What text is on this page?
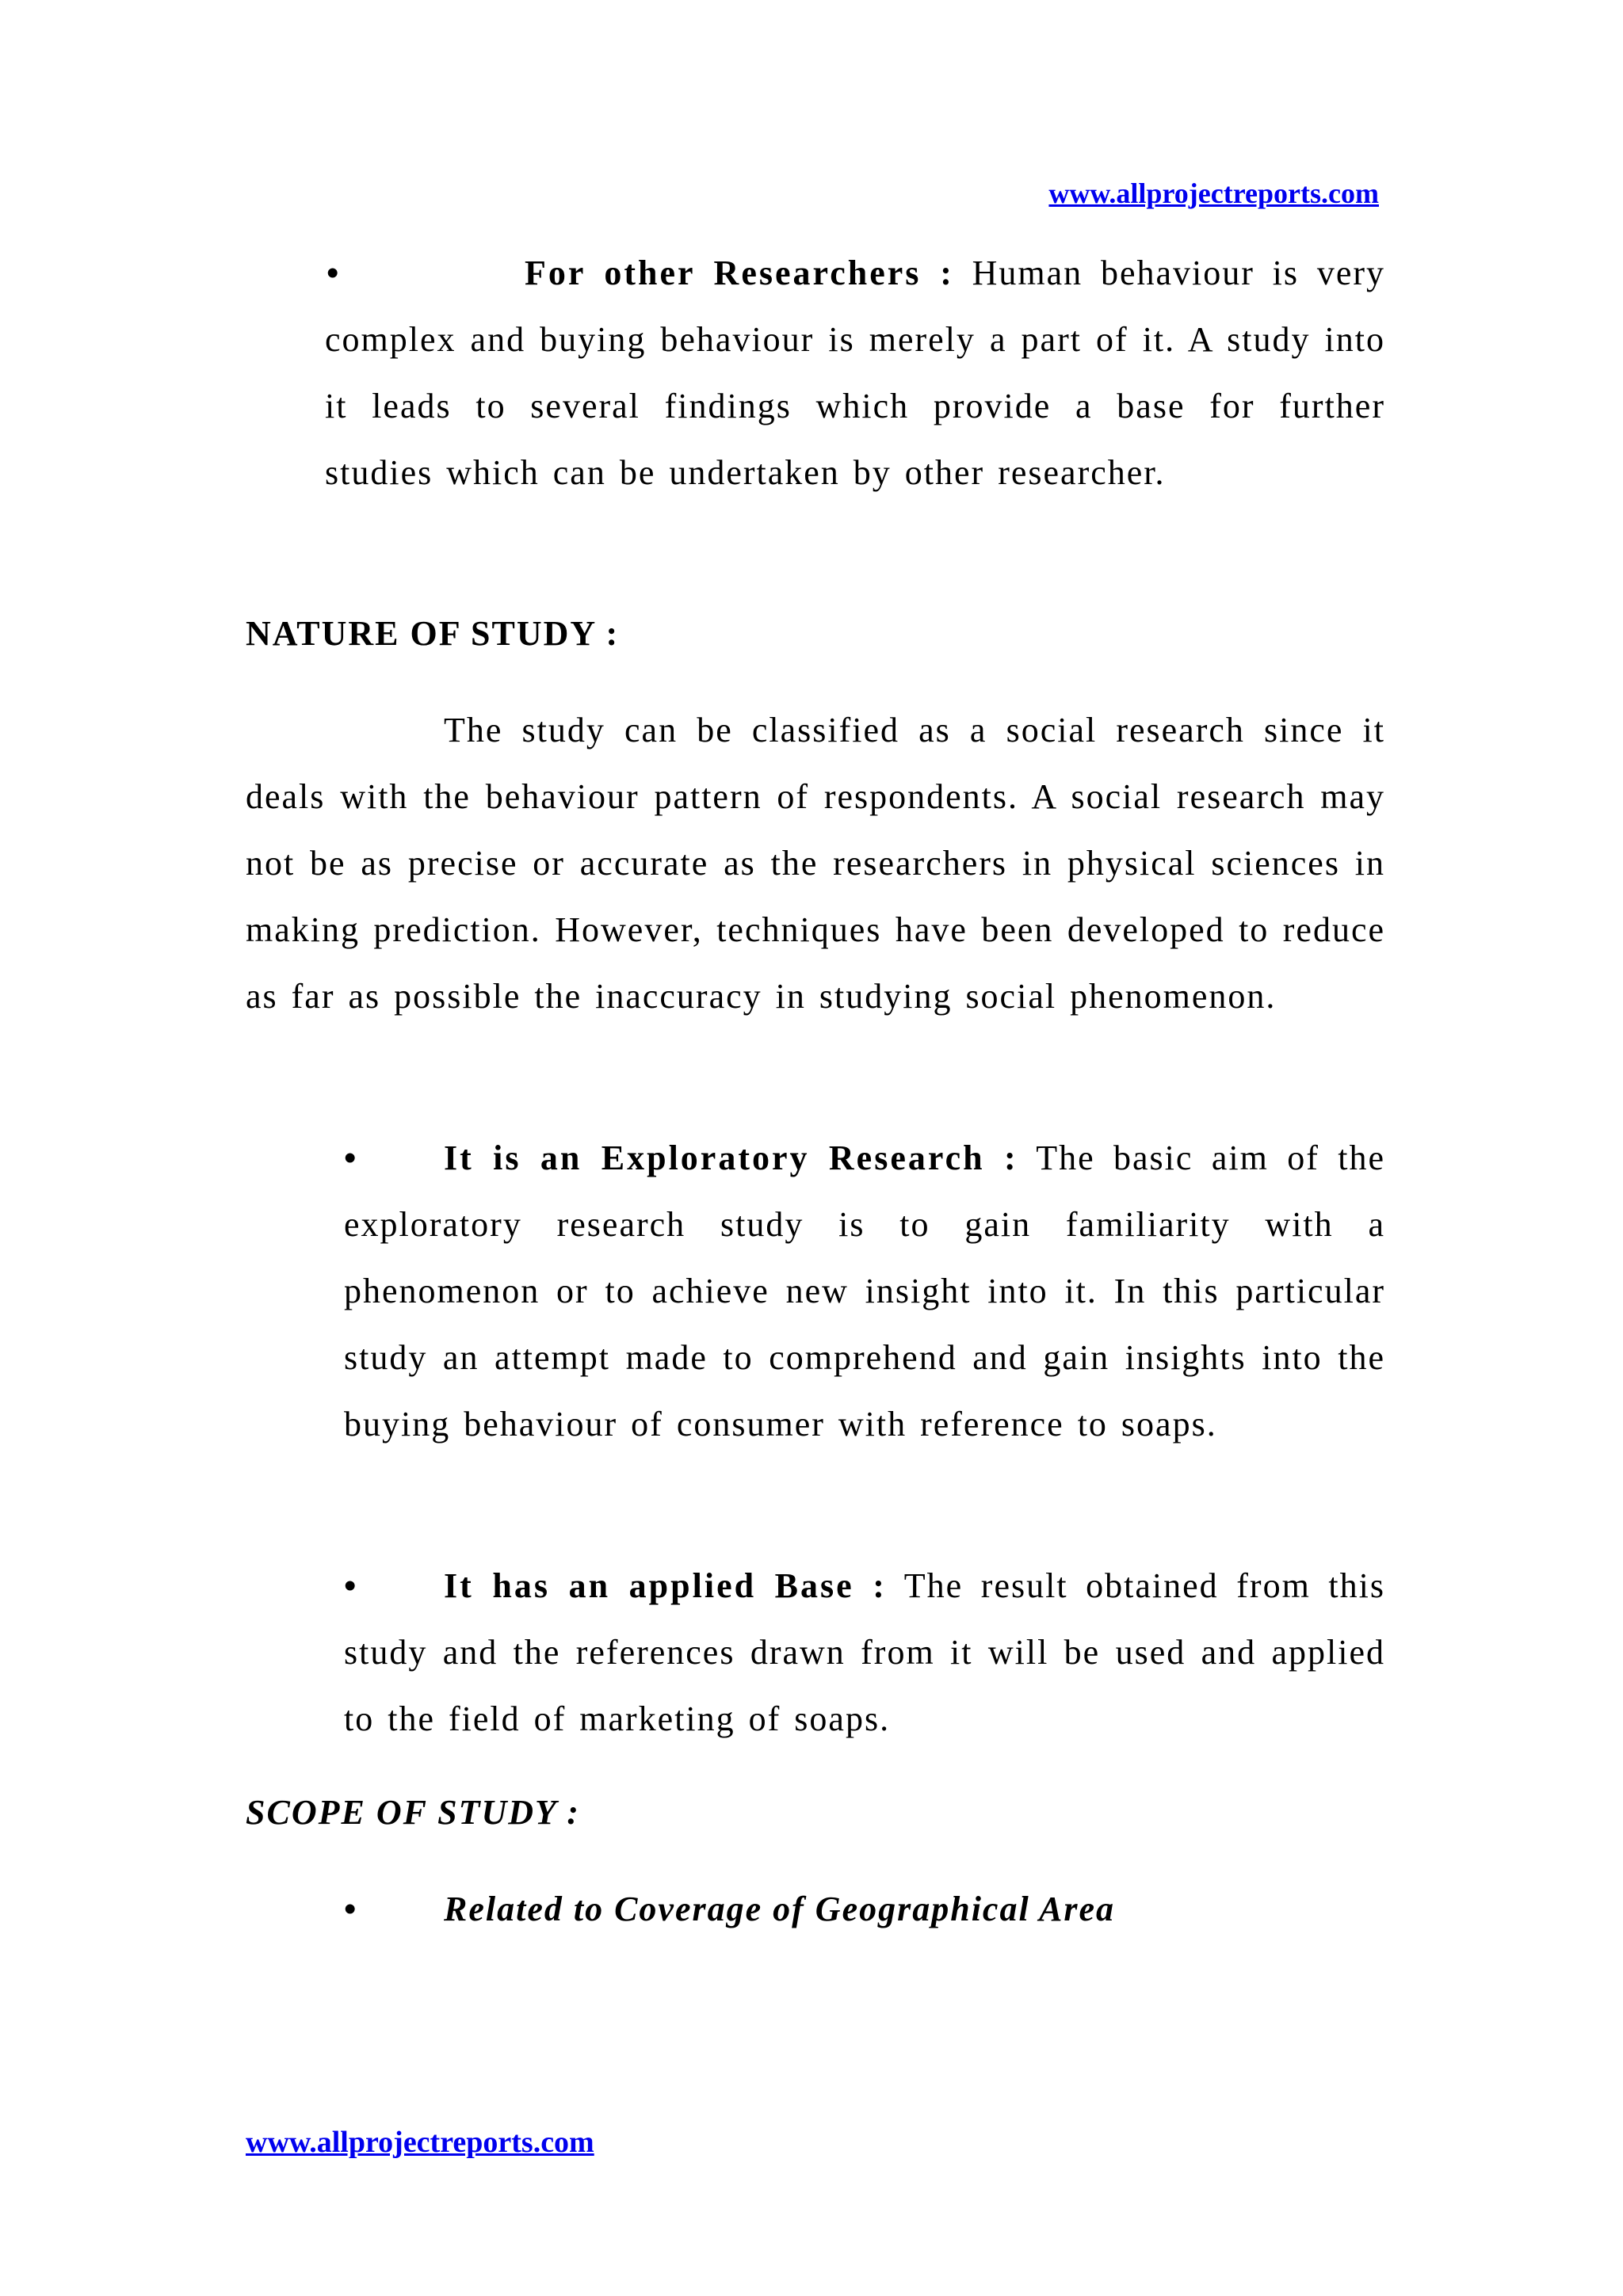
www.allprojectreports.com
•	For other Researchers : Human behaviour is very complex and buying behaviour is merely a part of it. A study into it leads to several findings which provide a base for further studies which can be undertaken by other researcher.
NATURE OF STUDY :
The study can be classified as a social research since it deals with the behaviour pattern of respondents. A social research may not be as precise or accurate as the researchers in physical sciences in making prediction. However, techniques have been developed to reduce as far as possible the inaccuracy in studying social phenomenon.
•	It is an Exploratory Research : The basic aim of the exploratory research study is to gain familiarity with a phenomenon or to achieve new insight into it. In this particular study an attempt made to comprehend and gain insights into the buying behaviour of consumer with reference to soaps.
•	It has an applied Base : The result obtained from this study and the references drawn from it will be used and applied to the field of marketing of soaps.
SCOPE OF STUDY :
•	Related to Coverage of Geographical Area
www.allprojectreports.com
